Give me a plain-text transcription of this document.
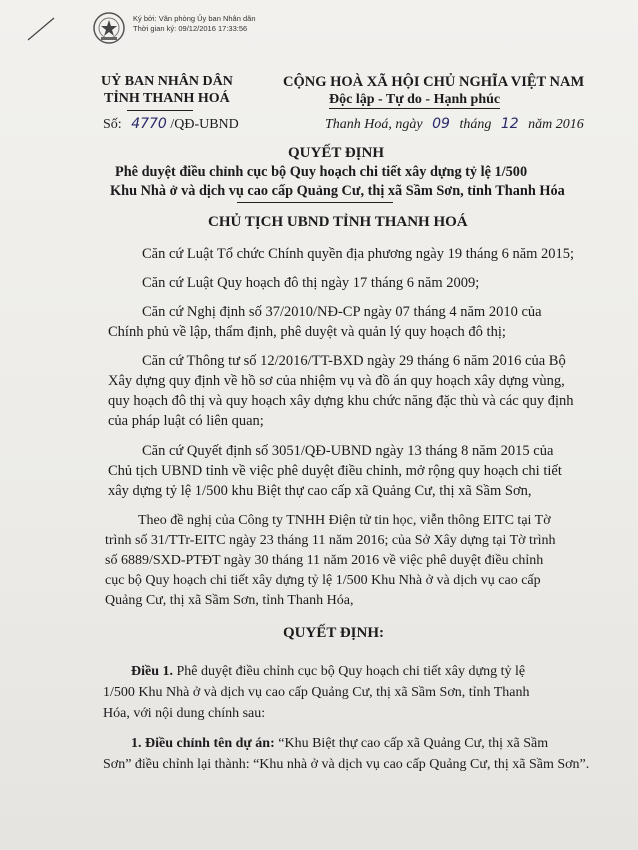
Ký bởi: Văn phòng Ủy ban Nhân dân
Thời gian ký: 09/12/2016 17:33:56
UỶ BAN NHÂN DÂN
TỈNH THANH HOÁ
Số: 4770 /QĐ-UBND
CỘNG HOÀ XÃ HỘI CHỦ NGHĨA VIỆT NAM
Độc lập - Tự do - Hạnh phúc
Thanh Hoá, ngày 09 tháng 12 năm 2016
QUYẾT ĐỊNH
Phê duyệt điều chỉnh cục bộ Quy hoạch chi tiết xây dựng tỷ lệ 1/500
Khu Nhà ở và dịch vụ cao cấp Quảng Cư, thị xã Sầm Sơn, tỉnh Thanh Hóa
CHỦ TỊCH UBND TỈNH THANH HOÁ
Căn cứ Luật Tổ chức Chính quyền địa phương ngày 19 tháng 6 năm 2015;
Căn cứ Luật Quy hoạch đô thị ngày 17 tháng 6 năm 2009;
Căn cứ Nghị định số 37/2010/NĐ-CP ngày 07 tháng 4 năm 2010 của
Chính phủ về lập, thẩm định, phê duyệt và quản lý quy hoạch đô thị;
Căn cứ Thông tư số 12/2016/TT-BXD ngày 29 tháng 6 năm 2016 của Bộ
Xây dựng quy định về hồ sơ của nhiệm vụ và đồ án quy hoạch xây dựng vùng,
quy hoạch đô thị và quy hoạch xây dựng khu chức năng đặc thù và các quy định
của pháp luật có liên quan;
Căn cứ Quyết định số 3051/QĐ-UBND ngày 13 tháng 8 năm 2015 của
Chủ tịch UBND tỉnh về việc phê duyệt điều chỉnh, mở rộng quy hoạch chi tiết
xây dựng tỷ lệ 1/500 khu Biệt thự cao cấp xã Quảng Cư, thị xã Sầm Sơn,
Theo đề nghị của Công ty TNHH Điện tử tin học, viễn thông EITC tại Tờ
trình số 31/TTr-EITC ngày 23 tháng 11 năm 2016; của Sở Xây dựng tại Tờ trình
số 6889/SXD-PTĐT ngày 30 tháng 11 năm 2016 về việc phê duyệt điều chỉnh
cục bộ Quy hoạch chi tiết xây dựng tỷ lệ 1/500 Khu Nhà ở và dịch vụ cao cấp
Quảng Cư, thị xã Sầm Sơn, tỉnh Thanh Hóa,
QUYẾT ĐỊNH:
Điều 1. Phê duyệt điều chỉnh cục bộ Quy hoạch chi tiết xây dựng tỷ lệ
1/500 Khu Nhà ở và dịch vụ cao cấp Quảng Cư, thị xã Sầm Sơn, tỉnh Thanh
Hóa, với nội dung chính sau:
1. Điều chỉnh tên dự án: “Khu Biệt thự cao cấp xã Quảng Cư, thị xã Sầm
Sơn” điều chỉnh lại thành: “Khu nhà ở và dịch vụ cao cấp Quảng Cư, thị xã Sầm Sơn”.
